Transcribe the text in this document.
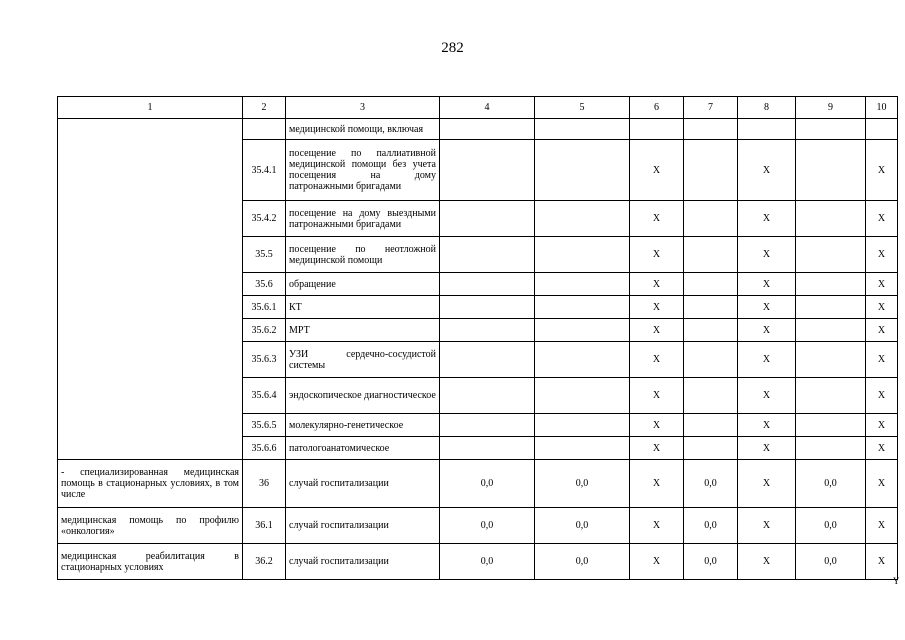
282
1	2	3	4	5	6	7	8	9	10
		медицинской помощи, включая							
	35.4.1	посещение по паллиативной медицинской помощи без учета посещения на дому патронажными бригадами			Х		Х		Х
	35.4.2	посещение на дому выездными патронажными бригадами			Х		Х		Х
	35.5	посещение по неотложной медицинской помощи			Х		Х		Х
	35.6	обращение			Х		Х		Х
	35.6.1	КТ			Х		Х		Х
	35.6.2	МРТ			Х		Х		Х
	35.6.3	УЗИ сердечно-сосудистой системы			Х		Х		Х
	35.6.4	эндоскопическое диагностическое			Х		Х		Х
	35.6.5	молекулярно-генетическое			Х		Х		Х
	35.6.6	патологоанатомическое			Х		Х		Х
- специализированная медицинская помощь в стационарных условиях, в том числе	36	случай госпитализации	0,0	0,0	Х	0,0	Х	0,0	Х
медицинская помощь по профилю «онкология»	36.1	случай госпитализации	0,0	0,0	Х	0,0	Х	0,0	Х
медицинская реабилитация в стационарных условиях	36.2	случай госпитализации	0,0	0,0	Х	0,0	Х	0,0	Х
Y
